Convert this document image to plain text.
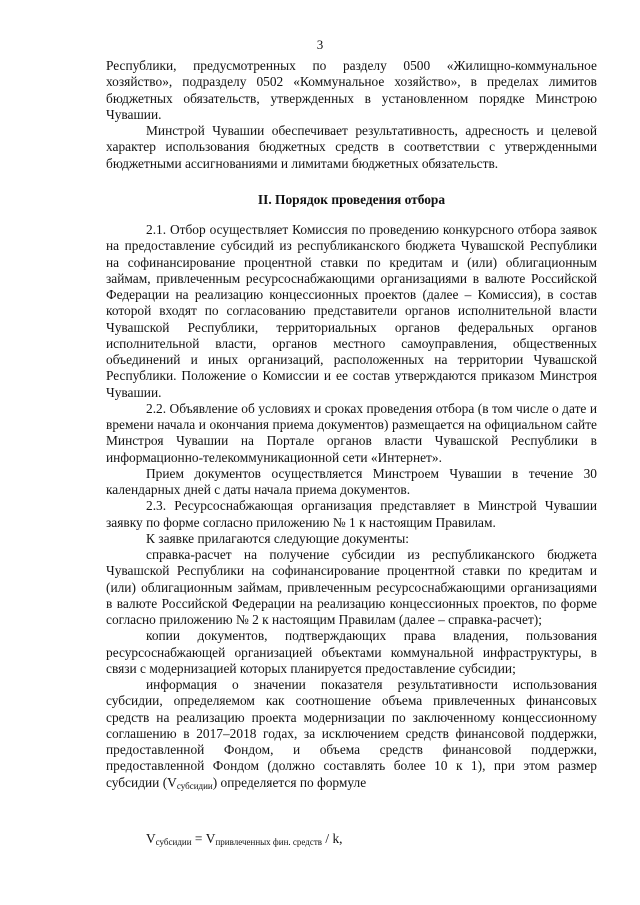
3

Республики, предусмотренных по разделу 0500 «Жилищно-коммунальное хозяйство», подразделу 0502 «Коммунальное хозяйство», в пределах лимитов бюджетных обязательств, утвержденных в установленном порядке Минстрою Чувашии.

Минстрой Чувашии обеспечивает результативность, адресность и целевой характер использования бюджетных средств в соответствии с утвержденными бюджетными ассигнованиями и лимитами бюджетных обязательств.

II. Порядок проведения отбора

2.1. Отбор осуществляет Комиссия по проведению конкурсного отбора заявок на предоставление субсидий из республиканского бюджета Чувашской Республики на софинансирование процентной ставки по кредитам и (или) облигационным займам, привлеченным ресурсоснабжающими организациями в валюте Российской Федерации на реализацию концессионных проектов (далее – Комиссия), в состав которой входят по согласованию представители органов исполнительной власти Чувашской Республики, территориальных органов федеральных органов исполнительной власти, органов местного самоуправления, общественных объединений и иных организаций, расположенных на территории Чувашской Республики. Положение о Комиссии и ее состав утверждаются приказом Минстроя Чувашии.

2.2. Объявление об условиях и сроках проведения отбора (в том числе о дате и времени начала и окончания приема документов) размещается на официальном сайте Минстроя Чувашии на Портале органов власти Чувашской Республики в информационно-телекоммуникационной сети «Интернет».

Прием документов осуществляется Минстроем Чувашии в течение 30 календарных дней с даты начала приема документов.

2.3. Ресурсоснабжающая организация представляет в Минстрой Чувашии заявку по форме согласно приложению № 1 к настоящим Правилам.

К заявке прилагаются следующие документы:

справка-расчет на получение субсидии из республиканского бюджета Чувашской Республики на софинансирование процентной ставки по кредитам и (или) облигационным займам, привлеченным ресурсоснабжающими организациями в валюте Российской Федерации на реализацию концессионных проектов, по форме согласно приложению № 2 к настоящим Правилам (далее – справка-расчет);

копии документов, подтверждающих права владения, пользования ресурсоснабжающей организацией объектами коммунальной инфраструктуры, в связи с модернизацией которых планируется предоставление субсидии;

информация о значении показателя результативности использования субсидии, определяемом как соотношение объема привлеченных финансовых средств на реализацию проекта модернизации по заключенному концессионному соглашению в 2017–2018 годах, за исключением средств финансовой поддержки, предоставленной Фондом, и объема средств финансовой поддержки, предоставленной Фондом (должно составлять более 10 к 1), при этом размер субсидии $(V_{субсидии})$ определяется по формуле

$V_{субсидии} = V_{привлеченных фин. средств} / k$,
